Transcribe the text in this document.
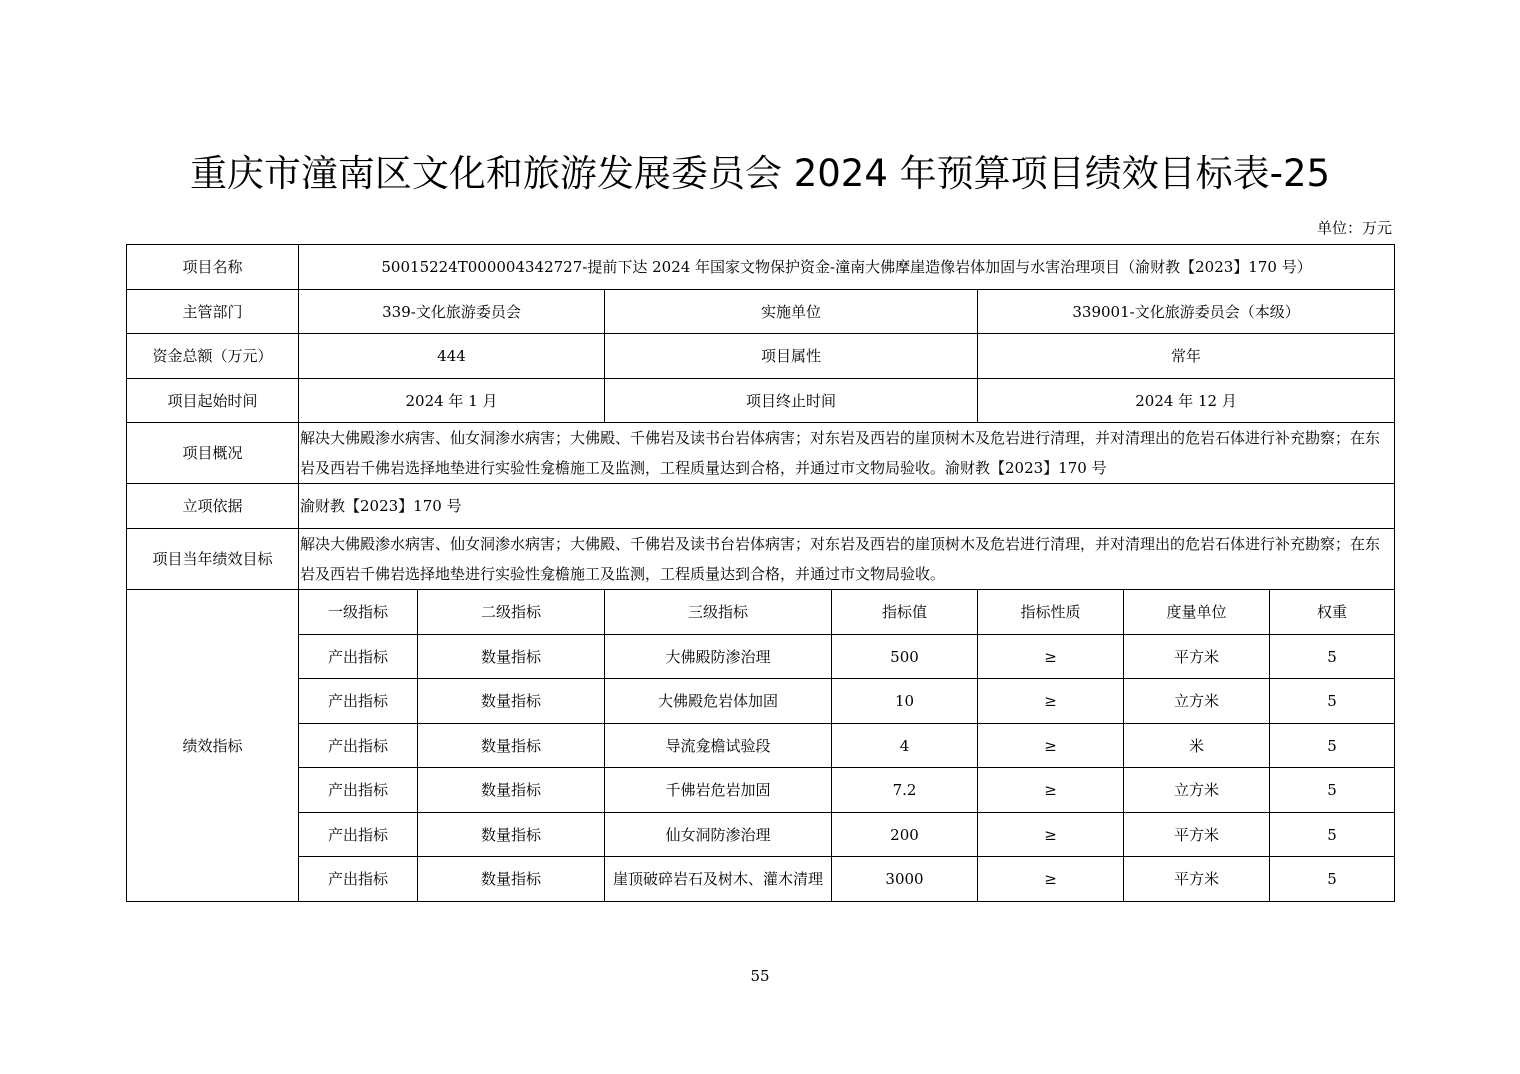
重庆市潼南区文化和旅游发展委员会 2024 年预算项目绩效目标表-25
单位：万元
项目名称	50015224T000004342727-提前下达 2024 年国家文物保护资金-潼南大佛摩崖造像岩体加固与水害治理项目（渝财教【2023】170 号）						
主管部门	339-文化旅游委员会		实施单位		339001-文化旅游委员会（本级）		
资金总额（万元）	444		项目属性		常年		
项目起始时间	2024 年 1 月		项目终止时间		2024 年 12 月		
项目概况	解决大佛殿渗水病害、仙女洞渗水病害；大佛殿、千佛岩及读书台岩体病害；对东岩及西岩的崖顶树木及危岩进行清理，并对清理出的危岩石体进行补充勘察；在东岩及西岩千佛岩选择地垫进行实验性龛檐施工及监测，工程质量达到合格，并通过市文物局验收。渝财教【2023】170 号						
立项依据	渝财教【2023】170 号						
项目当年绩效目标	解决大佛殿渗水病害、仙女洞渗水病害；大佛殿、千佛岩及读书台岩体病害；对东岩及西岩的崖顶树木及危岩进行清理，并对清理出的危岩石体进行补充勘察；在东岩及西岩千佛岩选择地垫进行实验性龛檐施工及监测，工程质量达到合格，并通过市文物局验收。						
绩效指标	一级指标	二级指标	三级指标	指标值	指标性质	度量单位	权重
	产出指标	数量指标	大佛殿防渗治理	500	≥	平方米	5
	产出指标	数量指标	大佛殿危岩体加固	10	≥	立方米	5
	产出指标	数量指标	导流龛檐试验段	4	≥	米	5
	产出指标	数量指标	千佛岩危岩加固	7.2	≥	立方米	5
	产出指标	数量指标	仙女洞防渗治理	200	≥	平方米	5
	产出指标	数量指标	崖顶破碎岩石及树木、灌木清理	3000	≥	平方米	5
55
